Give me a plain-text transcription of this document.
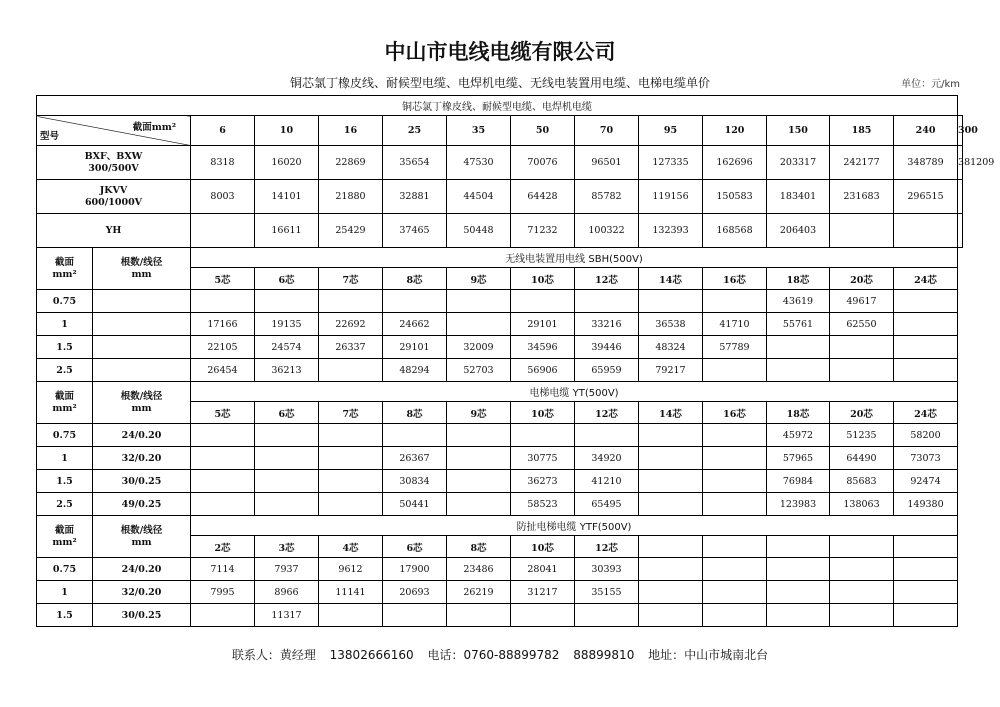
中山市电线电缆有限公司
铜芯氯丁橡皮线、耐候型电缆、电焊机电缆、无线电装置用电缆、电梯电缆单价	单位：元/km
铜芯氯丁橡皮线、耐候型电缆、电焊机电缆														

截面mm²
型号		6	10	16	25	35	50	70	95	120	150	185	240	300
BXF、BXW
300/500V		8318	16020	22869	35654	47530	70076	96501	127335	162696	203317	242177	348789	381209
JKVV
600/1000V		8003	14101	21880	32881	44504	64428	85782	119156	150583	183401	231683	296515	
YH			16611	25429	37465	50448	71232	100322	132393	168568	206403			
截面
mm²	根数/线径
mm	无线电装置用电线 SBH(500V)												
		5芯	6芯	7芯	8芯	9芯	10芯	12芯	14芯	16芯	18芯	20芯	24芯	
0.75											43619	49617		
1		17166	19135	22692	24662		29101	33216	36538	41710	55761	62550		
1.5		22105	24574	26337	29101	32009	34596	39446	48324	57789				
2.5		26454	36213		48294	52703	56906	65959	79217					
截面
mm²	根数/线径
mm	电梯电缆 YT(500V)												
		5芯	6芯	7芯	8芯	9芯	10芯	12芯	14芯	16芯	18芯	20芯	24芯	
0.75	24/0.20										45972	51235	58200	
1	32/0.20				26367		30775	34920			57965	64490	73073	
1.5	30/0.25				30834		36273	41210			76984	85683	92474	
2.5	49/0.25				50441		58523	65495			123983	138063	149380	
截面
mm²	根数/线径
mm	防扯电梯电缆 YTF(500V)												
		2芯	3芯	4芯	6芯	8芯	10芯	12芯						
0.75	24/0.20	7114	7937	9612	17900	23486	28041	30393						
1	32/0.20	7995	8966	11141	20693	26219	31217	35155						
1.5	30/0.25		11317											
联系人：黄经理 13802666160 电话：0760-88899782 88899810 地址：中山市城南北台
